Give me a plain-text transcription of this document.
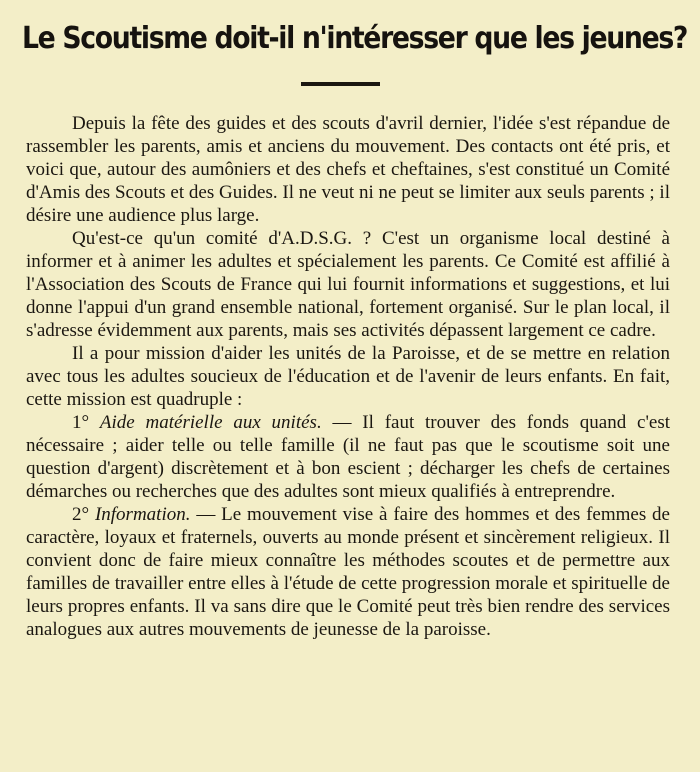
Le Scoutisme doit-il n'intéresser que les jeunes?

Depuis la fête des guides et des scouts d'avril dernier, l'idée s'est répandue de rassembler les parents, amis et anciens du mouvement. Des contacts ont été pris, et voici que, autour des aumôniers et des chefs et cheftaines, s'est constitué un Comité d'Amis des Scouts et des Guides. Il ne veut ni ne peut se limiter aux seuls parents ; il désire une audience plus large.

Qu'est-ce qu'un comité d'A.D.S.G. ? C'est un organisme local destiné à informer et à animer les adultes et spécialement les parents. Ce Comité est affilié à l'Association des Scouts de France qui lui fournit informations et suggestions, et lui donne l'appui d'un grand ensemble national, fortement organisé. Sur le plan local, il s'adresse évidemment aux parents, mais ses activités dépassent largement ce cadre.

Il a pour mission d'aider les unités de la Paroisse, et de se mettre en relation avec tous les adultes soucieux de l'éducation et de l'avenir de leurs enfants. En fait, cette mission est quadruple :

1° Aide matérielle aux unités. — Il faut trouver des fonds quand c'est nécessaire ; aider telle ou telle famille (il ne faut pas que le scoutisme soit une question d'argent) discrètement et à bon escient ; décharger les chefs de certaines démarches ou recherches que des adultes sont mieux qualifiés à entreprendre.

2° Information. — Le mouvement vise à faire des hommes et des femmes de caractère, loyaux et fraternels, ouverts au monde présent et sincèrement religieux. Il convient donc de faire mieux connaître les méthodes scoutes et de permettre aux familles de travailler entre elles à l'étude de cette progression morale et spirituelle de leurs propres enfants. Il va sans dire que le Comité peut très bien rendre des services analogues aux autres mouvements de jeunesse de la paroisse.
